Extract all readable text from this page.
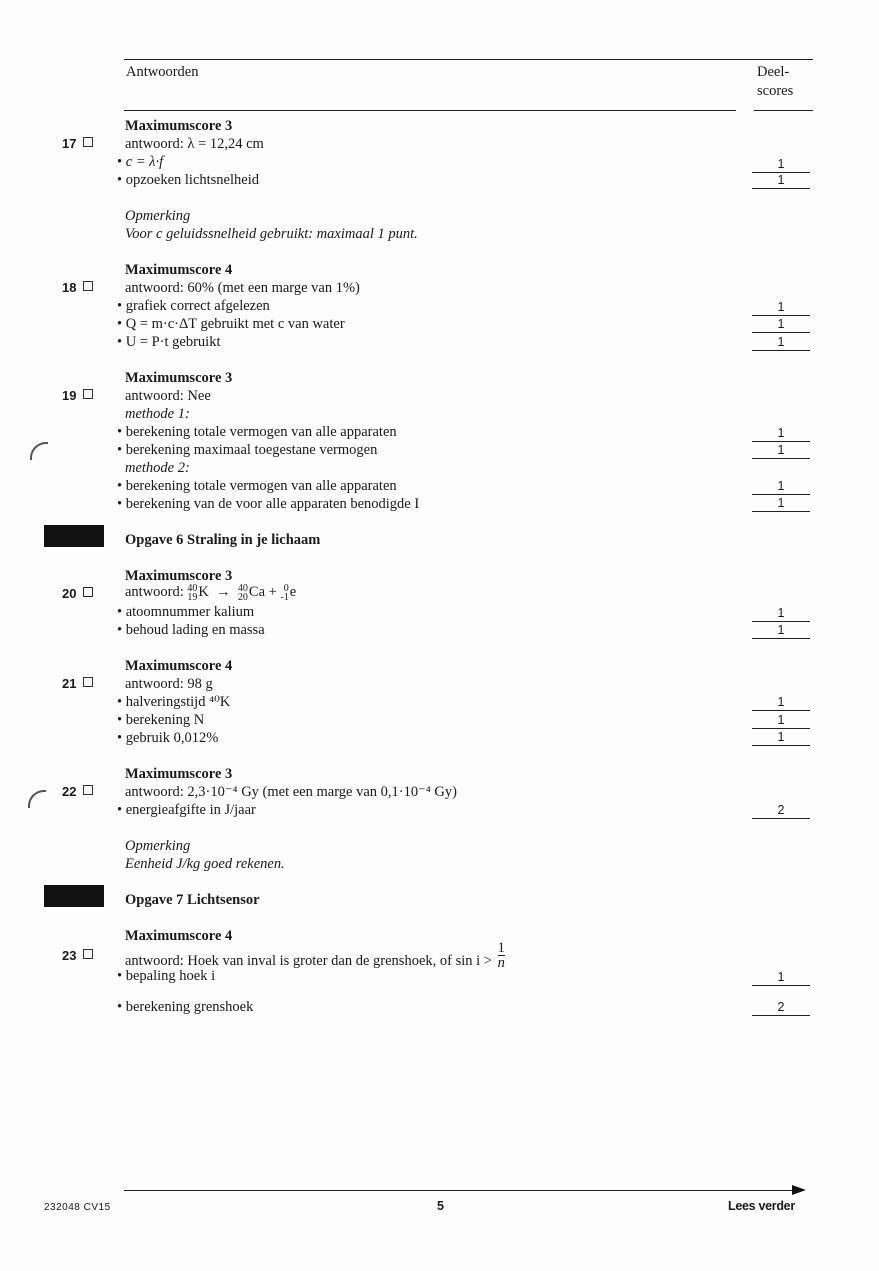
Antwoorden	Deel-
scores
Maximumscore 3
17	antwoord: λ = 12,24 cm
• c = λ·f	1
• opzoeken lichtsnelheid	1
Opmerking
Voor c geluidssnelheid gebruikt: maximaal 1 punt.
Maximumscore 4
18	antwoord: 60% (met een marge van 1%)
• grafiek correct afgelezen	1
• Q = m·c·ΔT gebruikt met c van water	1
• U = P·t gebruikt	1
Maximumscore 3
19	antwoord: Nee
methode 1:
• berekening totale vermogen van alle apparaten	1
• berekening maximaal toegestane vermogen	1
methode 2:
• berekening totale vermogen van alle apparaten	1
• berekening van de voor alle apparaten benodigde I	1
Opgave 6 Straling in je lichaam
Maximumscore 3
20	antwoord: 40
19K  →  40
20Ca +  0
-1e
• atoomnummer kalium	1
• behoud lading en massa	1
Maximumscore 4
21	antwoord: 98 g
• halveringstijd ⁴⁰K	1
• berekening N	1
• gebruik 0,012%	1
Maximumscore 3
22	antwoord: 2,3·10⁻⁴ Gy (met een marge van 0,1·10⁻⁴ Gy)
• energieafgifte in J/jaar	2
Opmerking
Eenheid J/kg goed rekenen.
Opgave 7 Lichtsensor
Maximumscore 4
23	antwoord: Hoek van inval is groter dan de grenshoek, of $\sin i > \frac{1}{n}$
• bepaling hoek i	1
• berekening grenshoek	2
232048 CV15	5	Lees verder
